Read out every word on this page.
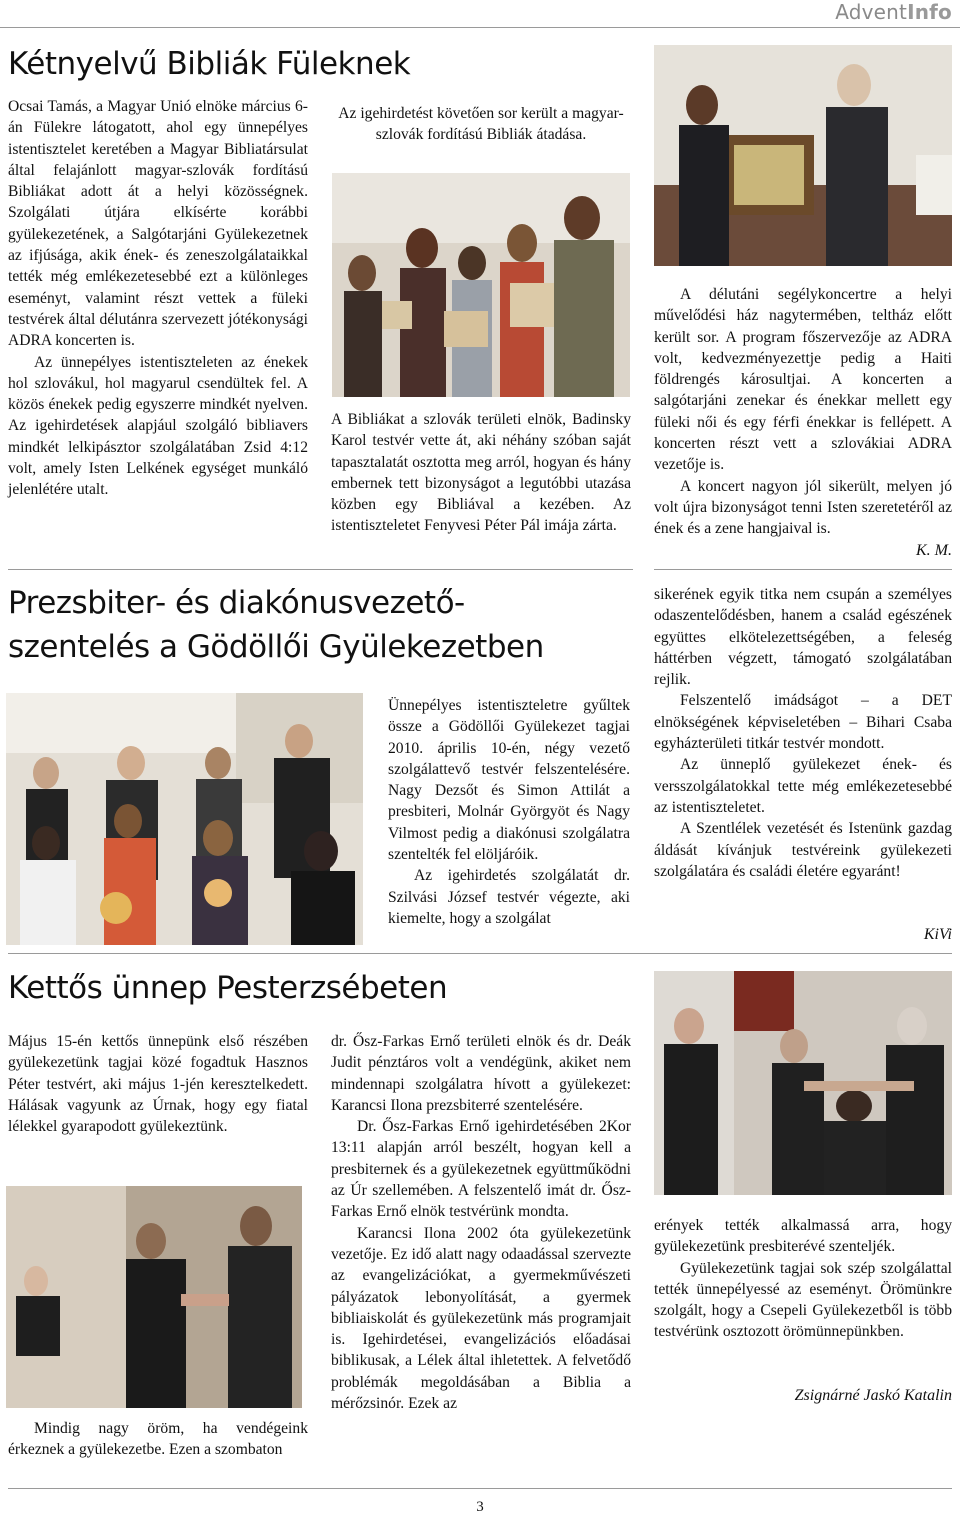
AdventInfo
Kétnyelvű Bibliák Füleknek

Ocsai Tamás, a Magyar Unió elnöke március 6-án Fülekre látogatott, ahol egy ünnepélyes istentisztelet keretében a Magyar Bibliatársulat által felajánlott magyar-szlovák fordítású Bibliákat adott át a helyi közösségnek. Szolgálati útjára elkísérte korábbi gyülekezetének, a Salgótarjáni Gyülekezetnek az ifjúsága, akik ének- és zeneszolgálataikkal tették még emlékezetesebbé ezt a különleges eseményt, valamint részt vettek a füleki testvérek által délutánra szervezett jótékonysági ADRA koncerten is.

Az ünnepélyes istentiszteleten az énekek hol szlovákul, hol magyarul csendültek fel. A közös énekek pedig egyszerre mindkét nyelven. Az igehirdetések alapjául szolgáló bibliavers mindkét lelkipásztor szolgálatában Zsid 4:12 volt, amely Isten Lelkének egységet munkáló jelenlétére utalt.

Az igehirdetést követően sor került a magyar-szlovák fordítású Bibliák átadása.

A Bibliákat a szlovák területi elnök, Badinsky Karol testvér vette át, aki néhány szóban saját tapasztalatát osztotta meg arról, hogyan és hány embernek tett bizonyságot a legutóbbi utazása közben egy Bibliával a kezében. Az istentiszteletet Fenyvesi Péter Pál imája zárta.

A délutáni segélykoncertre a helyi művelődési ház nagytermében, teltház előtt került sor. A program főszervezője az ADRA volt, kedvezményezettje pedig a Haiti földrengés károsultjai. A koncerten a salgótarjáni zenekar és énekkar mellett egy füleki női és egy férfi énekkar is fellépett. A koncerten részt vett a szlovákiai ADRA vezetője is.

A koncert nagyon jól sikerült, melyen jó volt újra bizonyságot tenni Isten szeretetéről az ének és a zene hangjaival is.

K. M.

Prezsbiter- és diakónusvezető-
szentelés a Gödöllői Gyülekezetben

Ünnepélyes istentiszteletre gyűltek össze a Gödöllői Gyülekezet tagjai 2010. április 10-én, négy vezető szolgálattevő testvér felszentelésére. Nagy Dezsőt és Simon Attilát a presbiteri, Molnár Györgyöt és Nagy Vilmost pedig a diakónusi szolgálatra szentelték fel elöljáróik.

Az igehirdetés szolgálatát dr. Szilvási József testvér végezte, aki kiemelte, hogy a szolgálat

sikerének egyik titka nem csupán a személyes odaszentelődésben, hanem a család egészének együttes elkötelezettségében, a feleség háttérben végzett, támogató szolgálatában rejlik.

Felszentelő imádságot – a DET elnökségének képviseletében – Bihari Csaba egyházterületi titkár testvér mondott.

Az ünneplő gyülekezet ének- és versszolgálatokkal tette még emlékezetesebbé az istentiszteletet.

A Szentlélek vezetését és Istenünk gazdag áldását kívánjuk testvéreink gyülekezeti szolgálatára és családi életére egyaránt!

KiVi
Kettős ünnep Pesterzsébeten

Május 15-én kettős ünnepünk első részében gyülekezetünk tagjai közé fogadtuk Hasznos Péter testvért, aki május 1-jén keresztelkedett. Hálásak vagyunk az Úrnak, hogy egy fiatal lélekkel gyarapodott gyülekeztünk.

Mindig nagy öröm, ha vendégeink érkeznek a gyülekezetbe. Ezen a szombaton

dr. Ősz-Farkas Ernő területi elnök és dr. Deák Judit pénztáros volt a vendégünk, akiket nem mindennapi szolgálatra hívott a gyülekezet: Karancsi Ilona prezsbiterré szentelésére.

Dr. Ősz-Farkas Ernő igehirdetésében 2Kor 13:11 alapján arról beszélt, hogyan kell a presbiternek és a gyülekezetnek együttműködni az Úr szellemében. A felszentelő imát dr. Ősz-Farkas Ernő elnök testvérünk mondta.

Karancsi Ilona 2002 óta gyülekezetünk vezetője. Ez idő alatt nagy odaadással szervezte az evangelizációkat, a gyermekművészeti pályázatok lebonyolítását, a gyermek bibliaiskolát és gyülekezetünk más programjait is. Igehirdetései, evangelizációs előadásai biblikusak, a Lélek által ihletettek. A felvetődő problémák megoldásában a Biblia a mérőzsinór. Ezek az

erények tették alkalmassá arra, hogy gyülekezetünk presbiterévé szenteljék.

Gyülekezetünk tagjai sok szép szolgálattal tették ünnepélyessé az eseményt. Örömünkre szolgált, hogy a Csepeli Gyülekezetből is több testvérünk osztozott örömünnepünkben.

Zsignárné Jaskó Katalin
3
